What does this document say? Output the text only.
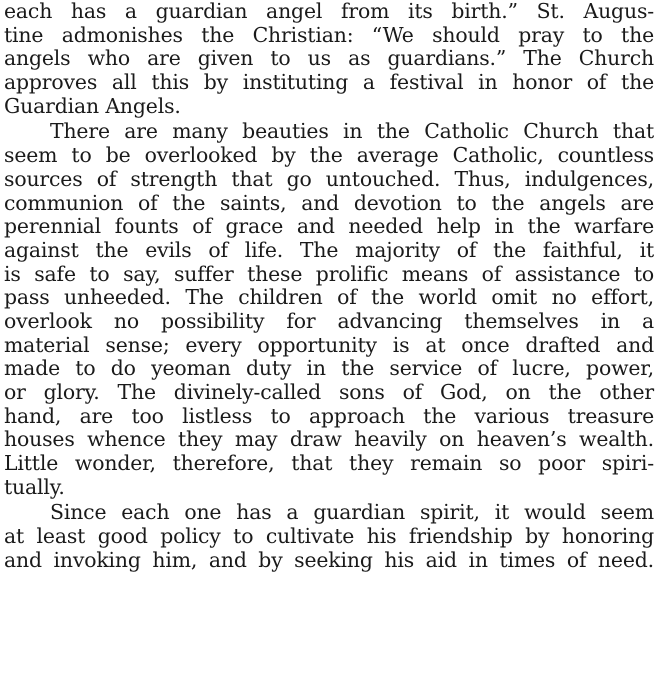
each has a guardian angel from its birth.” St. Augus-
tine admonishes the Christian: “We should pray to the
angels who are given to us as guardians.” The Church
approves all this by instituting a festival in honor of the
Guardian Angels.
There are many beauties in the Catholic Church that
seem to be overlooked by the average Catholic, countless
sources of strength that go untouched. Thus, indulgences,
communion of the saints, and devotion to the angels are
perennial founts of grace and needed help in the warfare
against the evils of life. The majority of the faithful, it
is safe to say, suffer these prolific means of assistance to
pass unheeded. The children of the world omit no effort,
overlook no possibility for advancing themselves in a
material sense; every opportunity is at once drafted and
made to do yeoman duty in the service of lucre, power,
or glory. The divinely-called sons of God, on the other
hand, are too listless to approach the various treasure
houses whence they may draw heavily on heaven’s wealth.
Little wonder, therefore, that they remain so poor spiri-
tually.
Since each one has a guardian spirit, it would seem
at least good policy to cultivate his friendship by honoring
and invoking him, and by seeking his aid in times of need.
